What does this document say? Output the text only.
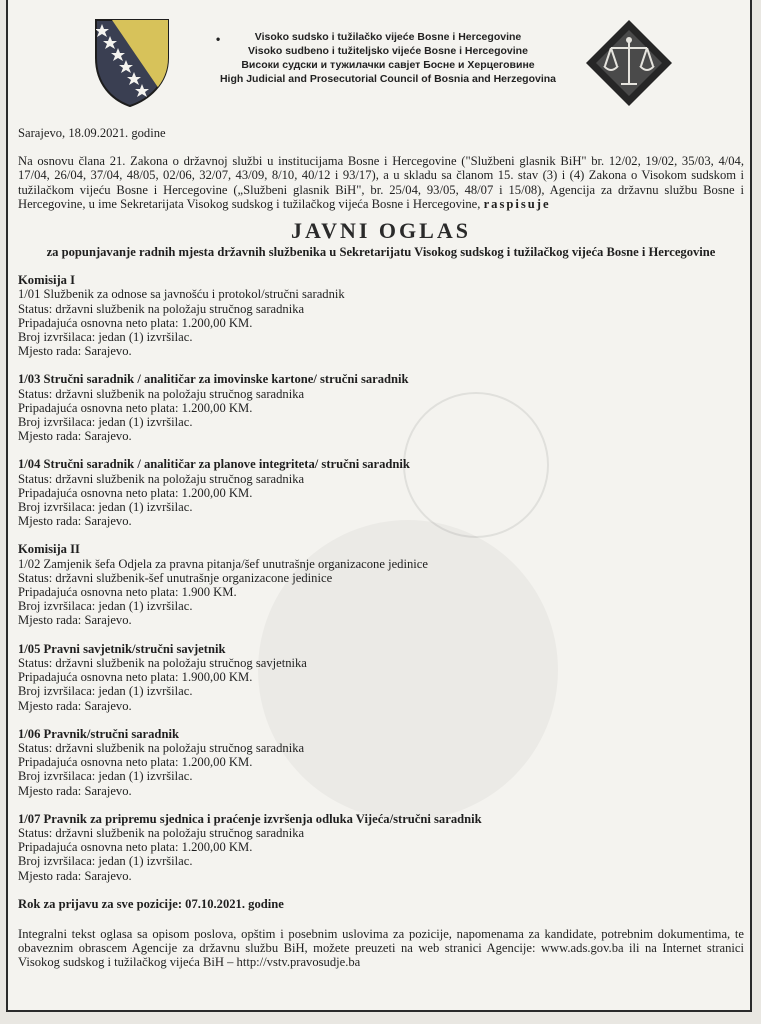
•	Visoko sudsko i tužilačko vijeće Bosne i Hercegovine
Visoko sudbeno i tužiteljsko vijeće Bosne i Hercegovine
Високи судски и тужилачки савјет Босне и Херцеговине
High Judicial and Prosecutorial Council of Bosnia and Herzegovina

Sarajevo, 18.09.2021. godine

Na osnovu člana 21. Zakona o državnoj službi u institucijama Bosne i Hercegovine ("Službeni glasnik BiH" br. 12/02, 19/02, 35/03, 4/04, 17/04, 26/04, 37/04, 48/05, 02/06, 32/07, 43/09, 8/10, 40/12 i 93/17), a u skladu sa članom 15. stav (3) i (4) Zakona o Visokom sudskom i tužilačkom vijeću Bosne i Hercegovine („Službeni glasnik BiH", br. 25/04, 93/05, 48/07 i 15/08), Agencija za državnu službu Bosne i Hercegovine, u ime Sekretarijata Visokog sudskog i tužilačkog vijeća Bosne i Hercegovine, raspisuje

JAVNI OGLAS
za popunjavanje radnih mjesta državnih službenika u Sekretarijatu Visokog sudskog i tužilačkog vijeća Bosne i Hercegovine
Komisija I
1/01 Službenik za odnose sa javnošću i protokol/stručni saradnik
Status: državni službenik na položaju stručnog saradnika
Pripadajuća osnovna neto plata: 1.200,00 KM.
Broj izvršilaca: jedan (1) izvršilac.
Mjesto rada: Sarajevo.
1/03 Stručni saradnik / analitičar za imovinske kartone/ stručni saradnik
Status: državni službenik na položaju stručnog saradnika
Pripadajuća osnovna neto plata: 1.200,00 KM.
Broj izvršilaca: jedan (1) izvršilac.
Mjesto rada: Sarajevo.
1/04 Stručni saradnik / analitičar za planove integriteta/ stručni saradnik
Status: državni službenik na položaju stručnog saradnika
Pripadajuća osnovna neto plata: 1.200,00 KM.
Broj izvršilaca: jedan (1) izvršilac.
Mjesto rada: Sarajevo.
Komisija II
1/02 Zamjenik šefa Odjela za pravna pitanja/šef unutrašnje organizacone jedinice
Status: državni službenik-šef unutrašnje organizacone jedinice
Pripadajuća osnovna neto plata: 1.900 KM.
Broj izvršilaca: jedan (1) izvršilac.
Mjesto rada: Sarajevo.
1/05 Pravni savjetnik/stručni savjetnik
Status: državni službenik na položaju stručnog savjetnika
Pripadajuća osnovna neto plata: 1.900,00 KM.
Broj izvršilaca: jedan (1) izvršilac.
Mjesto rada: Sarajevo.
1/06 Pravnik/stručni saradnik
Status: državni službenik na položaju stručnog saradnika
Pripadajuća osnovna neto plata: 1.200,00 KM.
Broj izvršilaca: jedan (1) izvršilac.
Mjesto rada: Sarajevo.
1/07 Pravnik za pripremu sjednica i praćenje izvršenja odluka Vijeća/stručni saradnik
Status: državni službenik na položaju stručnog saradnika
Pripadajuća osnovna neto plata: 1.200,00 KM.
Broj izvršilaca: jedan (1) izvršilac.
Mjesto rada: Sarajevo.

Rok za prijavu za sve pozicije: 07.10.2021. godine

Integralni tekst oglasa sa opisom poslova, opštim i posebnim uslovima za pozicije, napomenama za kandidate, potrebnim dokumentima, te obaveznim obrascem Agencije za državnu službu BiH, možete preuzeti na web stranici Agencije: www.ads.gov.ba ili na Internet stranici Visokog sudskog i tužilačkog vijeća BiH – http://vstv.pravosudje.ba
